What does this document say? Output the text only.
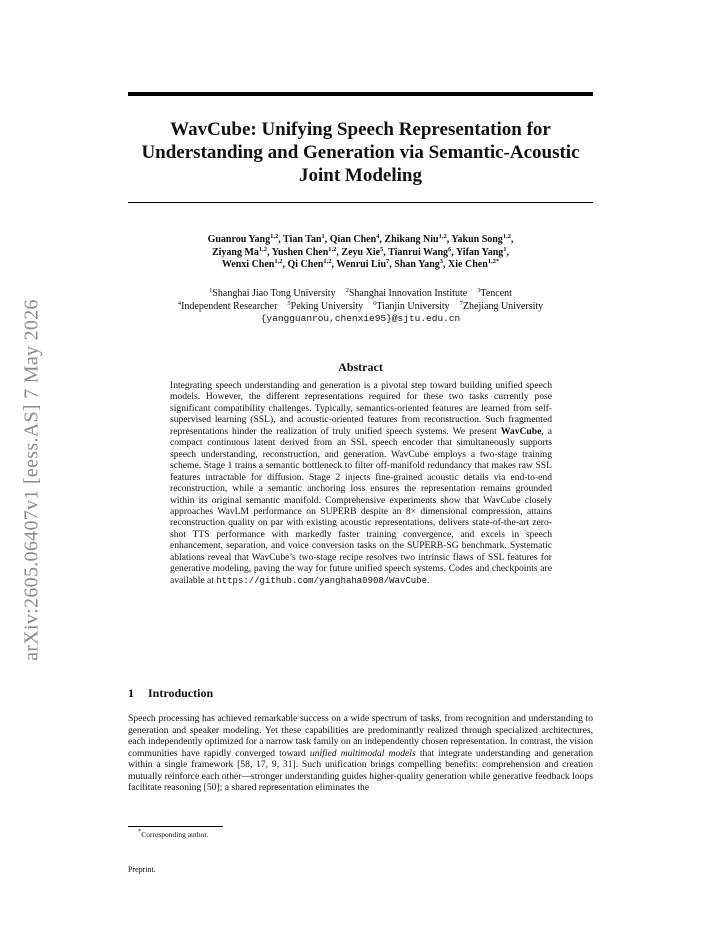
arXiv:2605.06407v1 [eess.AS] 7 May 2026
WavCube: Unifying Speech Representation for
Understanding and Generation via Semantic-Acoustic
Joint Modeling
Guanrou Yang$^{1,2}$, Tian Tan$^1$, Qian Chen$^4$, Zhikang Niu$^{1,2}$, Yakun Song$^{1,2}$,
Ziyang Ma$^{1,2}$, Yushen Chen$^{1,2}$, Zeyu Xie$^5$, Tianrui Wang$^6$, Yifan Yang$^1$,
Wenxi Chen$^{1,2}$, Qi Chen$^{1,2}$, Wenrui Liu$^7$, Shan Yang$^3$, Xie Chen$^{1,2*}$
$^1$Shanghai Jiao Tong University  $^2$Shanghai Innovation Institute  $^3$Tencent
$^4$Independent Researcher  $^5$Peking University  $^6$Tianjin University  $^7$Zhejiang University
{yangguanrou,chenxie95}@sjtu.edu.cn
Abstract
Integrating speech understanding and generation is a pivotal step toward building unified speech models. However, the different representations required for these two tasks currently pose significant compatibility challenges. Typically, semantics-oriented features are learned from self-supervised learning (SSL), and acoustic-oriented features from reconstruction. Such fragmented representations hinder the realization of truly unified speech systems. We present WavCube, a compact continuous latent derived from an SSL speech encoder that simultaneously supports speech understanding, reconstruction, and generation. WavCube employs a two-stage training scheme. Stage 1 trains a semantic bottleneck to filter off-manifold redundancy that makes raw SSL features intractable for diffusion. Stage 2 injects fine-grained acoustic details via end-to-end reconstruction, while a semantic anchoring loss ensures the representation remains grounded within its original semantic manifold. Comprehensive experiments show that WavCube closely approaches WavLM performance on SUPERB despite an 8× dimensional compression, attains reconstruction quality on par with existing acoustic representations, delivers state-of-the-art zero-shot TTS performance with markedly faster training convergence, and excels in speech enhancement, separation, and voice conversion tasks on the SUPERB-SG benchmark. Systematic ablations reveal that WavCube’s two-stage recipe resolves two intrinsic flaws of SSL features for generative modeling, paving the way for future unified speech systems. Codes and checkpoints are available at https://github.com/yanghaha0908/WavCube.
1 Introduction
Speech processing has achieved remarkable success on a wide spectrum of tasks, from recognition and understanding to generation and speaker modeling. Yet these capabilities are predominantly realized through specialized architectures, each independently optimized for a narrow task family on an independently chosen representation. In contrast, the vision communities have rapidly converged toward unified multimodal models that integrate understanding and generation within a single framework [58, 17, 9, 31]. Such unification brings compelling benefits: comprehension and creation mutually reinforce each other—stronger understanding guides higher-quality generation while generative feedback loops facilitate reasoning [50]; a shared representation eliminates the
*Corresponding author.
Preprint.
